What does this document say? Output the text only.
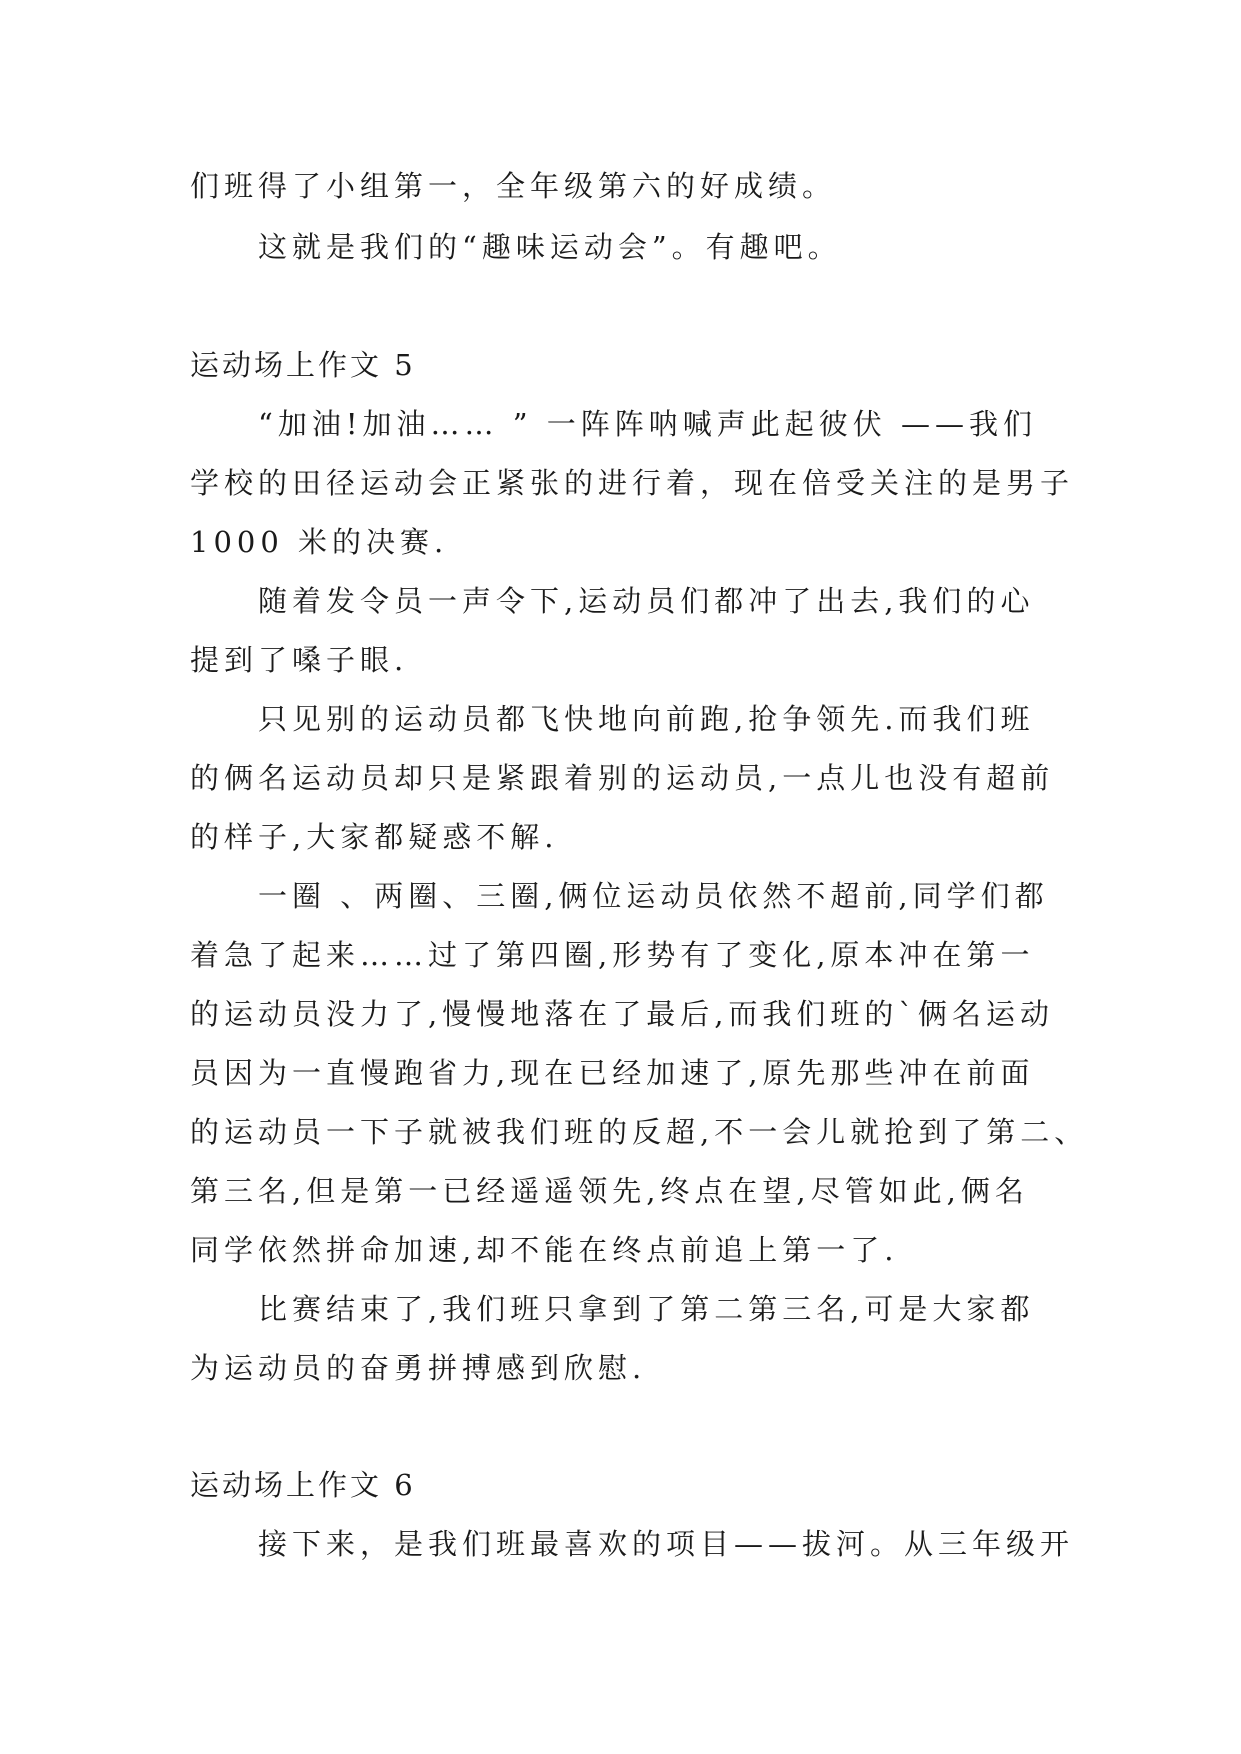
们班得了小组第一，全年级第六的好成绩。
这就是我们的“趣味运动会”。有趣吧。
运动场上作文 5
“加油!加油…… ” 一阵阵呐喊声此起彼伏 ——我们
学校的田径运动会正紧张的进行着，现在倍受关注的是男子
1000 米的决赛.
随着发令员一声令下,运动员们都冲了出去,我们的心
提到了嗓子眼.
只见别的运动员都飞快地向前跑,抢争领先.而我们班
的俩名运动员却只是紧跟着别的运动员,一点儿也没有超前
的样子,大家都疑惑不解.
一圈 、两圈、三圈,俩位运动员依然不超前,同学们都
着急了起来……过了第四圈,形势有了变化,原本冲在第一
的运动员没力了,慢慢地落在了最后,而我们班的`俩名运动
员因为一直慢跑省力,现在已经加速了,原先那些冲在前面
的运动员一下子就被我们班的反超,不一会儿就抢到了第二、
第三名,但是第一已经遥遥领先,终点在望,尽管如此,俩名
同学依然拼命加速,却不能在终点前追上第一了.
比赛结束了,我们班只拿到了第二第三名,可是大家都
为运动员的奋勇拼搏感到欣慰.
运动场上作文 6
接下来，是我们班最喜欢的项目——拔河。从三年级开
